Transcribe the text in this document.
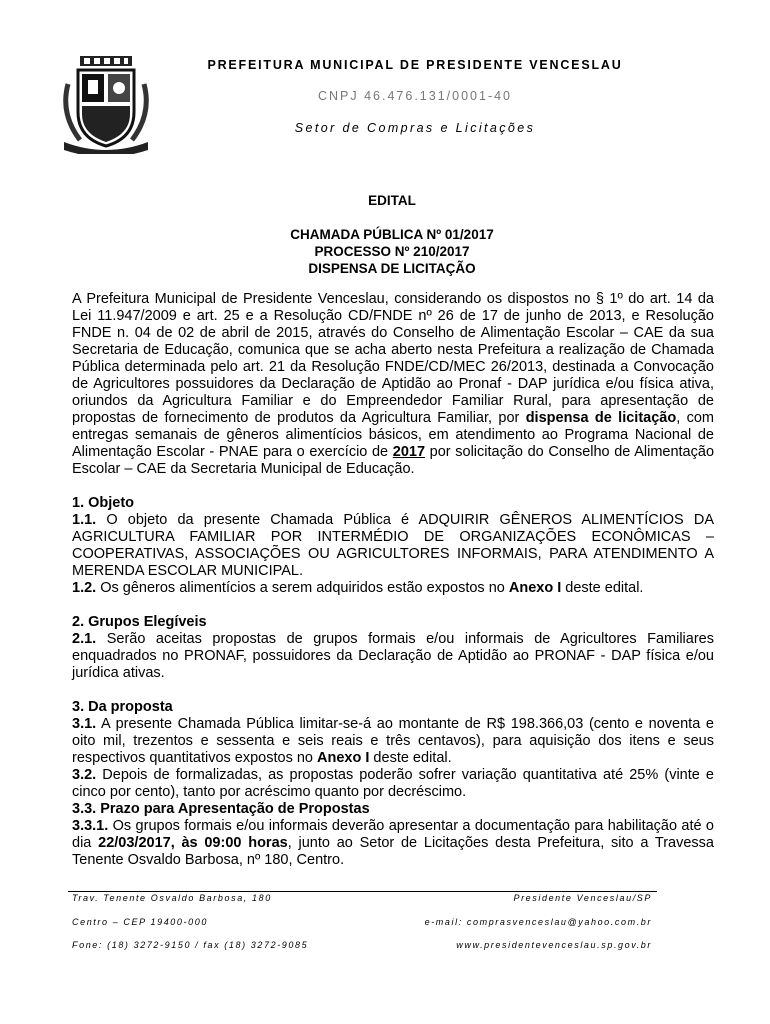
PREFEITURA MUNICIPAL DE PRESIDENTE VENCESLAU
CNPJ 46.476.131/0001-40
Setor de Compras e Licitações
EDITAL
CHAMADA PÚBLICA Nº 01/2017
PROCESSO Nº 210/2017
DISPENSA DE LICITAÇÃO

A Prefeitura Municipal de Presidente Venceslau, considerando os dispostos no § 1º do art. 14 da Lei 11.947/2009 e art. 25 e a Resolução CD/FNDE nº 26 de 17 de junho de 2013, e Resolução FNDE n. 04 de 02 de abril de 2015, através do Conselho de Alimentação Escolar – CAE da sua Secretaria de Educação, comunica que se acha aberto nesta Prefeitura a realização de Chamada Pública determinada pelo art. 21 da Resolução FNDE/CD/MEC 26/2013, destinada a Convocação de Agricultores possuidores da Declaração de Aptidão ao Pronaf - DAP jurídica e/ou física ativa, oriundos da Agricultura Familiar e do Empreendedor Familiar Rural, para apresentação de propostas de fornecimento de produtos da Agricultura Familiar, por dispensa de licitação, com entregas semanais de gêneros alimentícios básicos, em atendimento ao Programa Nacional de Alimentação Escolar - PNAE para o exercício de 2017 por solicitação do Conselho de Alimentação Escolar – CAE da Secretaria Municipal de Educação.

1. Objeto

1.1. O objeto da presente Chamada Pública é ADQUIRIR GÊNEROS ALIMENTÍCIOS DA AGRICULTURA FAMILIAR POR INTERMÉDIO DE ORGANIZAÇÕES ECONÔMICAS – COOPERATIVAS, ASSOCIAÇÕES OU AGRICULTORES INFORMAIS, PARA ATENDIMENTO A MERENDA ESCOLAR MUNICIPAL.

1.2. Os gêneros alimentícios a serem adquiridos estão expostos no Anexo I deste edital.

2. Grupos Elegíveis

2.1. Serão aceitas propostas de grupos formais e/ou informais de Agricultores Familiares enquadrados no PRONAF, possuidores da Declaração de Aptidão ao PRONAF - DAP física e/ou jurídica ativas.

3. Da proposta

3.1. A presente Chamada Pública limitar-se-á ao montante de R$ 198.366,03 (cento e noventa e oito mil, trezentos e sessenta e seis reais e três centavos), para aquisição dos itens e seus respectivos quantitativos expostos no Anexo I deste edital.

3.2. Depois de formalizadas, as propostas poderão sofrer variação quantitativa até 25% (vinte e cinco por cento), tanto por acréscimo quanto por decréscimo.

3.3. Prazo para Apresentação de Propostas

3.3.1. Os grupos formais e/ou informais deverão apresentar a documentação para habilitação até o dia 22/03/2017, às 09:00 horas, junto ao Setor de Licitações desta Prefeitura, sito a Travessa Tenente Osvaldo Barbosa, nº 180, Centro.

Trav. Tenente Osvaldo Barbosa, 180	Presidente Venceslau/SP
Centro – CEP 19400-000	e-mail: comprasvenceslau@yahoo.com.br
Fone: (18) 3272-9150 / fax (18) 3272-9085	www.presidentevenceslau.sp.gov.br
